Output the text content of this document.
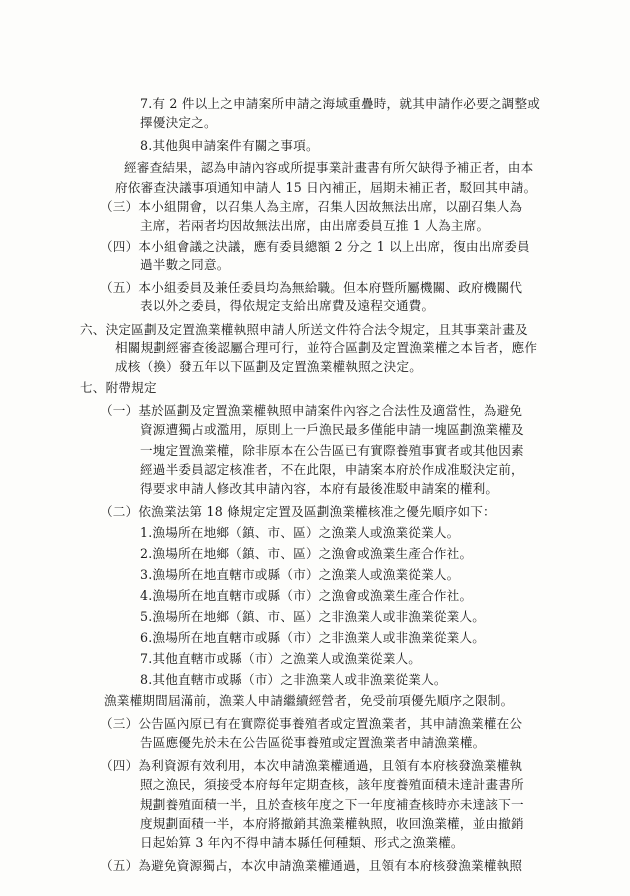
7.有 2 件以上之申請案所申請之海域重疊時，就其申請作必要之調整或
擇優決定之。
8.其他與申請案件有關之事項。
經審查結果，認為申請內容或所提事業計畫書有所欠缺得予補正者，由本
府依審查決議事項通知申請人 15 日內補正，屆期未補正者，駁回其申請。
（三）本小組開會，以召集人為主席，召集人因故無法出席，以副召集人為
主席，若兩者均因故無法出席，由出席委員互推 1 人為主席。
（四）本小組會議之決議，應有委員總額 2 分之 1 以上出席，復由出席委員
過半數之同意。
（五）本小組委員及兼任委員均為無給職。但本府暨所屬機關、政府機關代
表以外之委員，得依規定支給出席費及遠程交通費。
六、決定區劃及定置漁業權執照申請人所送文件符合法令規定，且其事業計畫及
相關規劃經審查後認屬合理可行，並符合區劃及定置漁業權之本旨者，應作
成核（換）發五年以下區劃及定置漁業權執照之決定。
七、附帶規定
（一）基於區劃及定置漁業權執照申請案件內容之合法性及適當性，為避免
資源遭獨占或濫用，原則上一戶漁民最多僅能申請一塊區劃漁業權及
一塊定置漁業權，除非原本在公告區已有實際養殖事實者或其他因素
經過半委員認定核准者，不在此限，申請案本府於作成准駁決定前，
得要求申請人修改其申請內容，本府有最後准駁申請案的權利。
（二）依漁業法第 18 條規定定置及區劃漁業權核准之優先順序如下：
1.漁場所在地鄉（鎮、市、區）之漁業人或漁業從業人。
2.漁場所在地鄉（鎮、市、區）之漁會或漁業生產合作社。
3.漁場所在地直轄市或縣（市）之漁業人或漁業從業人。
4.漁場所在地直轄市或縣（市）之漁會或漁業生產合作社。
5.漁場所在地鄉（鎮、市、區）之非漁業人或非漁業從業人。
6.漁場所在地直轄市或縣（市）之非漁業人或非漁業從業人。
7.其他直轄市或縣（市）之漁業人或漁業從業人。
8.其他直轄市或縣（市）之非漁業人或非漁業從業人。
漁業權期間屆滿前，漁業人申請繼續經營者，免受前項優先順序之限制。
（三）公告區內原已有在實際從事養殖者或定置漁業者，其申請漁業權在公
告區應優先於未在公告區從事養殖或定置漁業者申請漁業權。
（四）為利資源有效利用，本次申請漁業權通過，且領有本府核發漁業權執
照之漁民，須接受本府每年定期查核，該年度養殖面積未達計畫書所
規劃養殖面積一半，且於查核年度之下一年度補查核時亦未達該下一
度規劃面積一半，本府將撤銷其漁業權執照，收回漁業權，並由撤銷
日起始算 3 年內不得申請本縣任何種類、形式之漁業權。
（五）為避免資源獨占，本次申請漁業權通過，且領有本府核發漁業權執照
